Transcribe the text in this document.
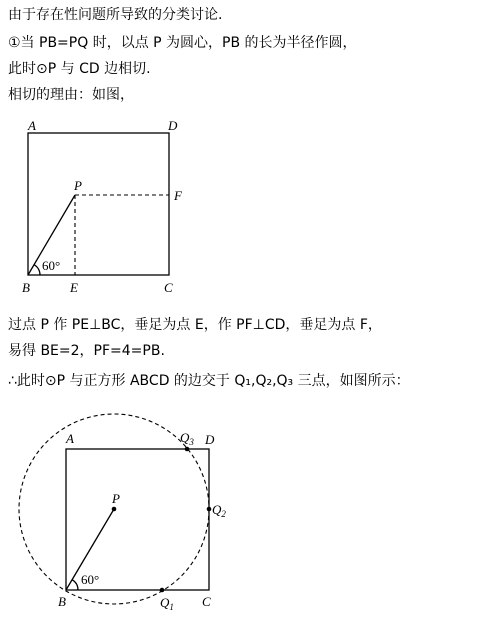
由于存在性问题所导致的分类讨论.
①当 PB=PQ 时，以点 P 为圆心，PB 的长为半径作圆，
此时⊙P 与 CD 边相切.
相切的理由：如图，
过点 P 作 PE⊥BC，垂足为点 E，作 PF⊥CD，垂足为点 F，
易得 BE=2，PF=4=PB.
∴此时⊙P 与正方形 ABCD 的边交于 Q₁,Q₂,Q₃ 三点，如图所示：
A	D
P
F
B	E	C
60°
A	D
P
B	C
$Q_3$
$Q_2$
$Q_1$
60°
